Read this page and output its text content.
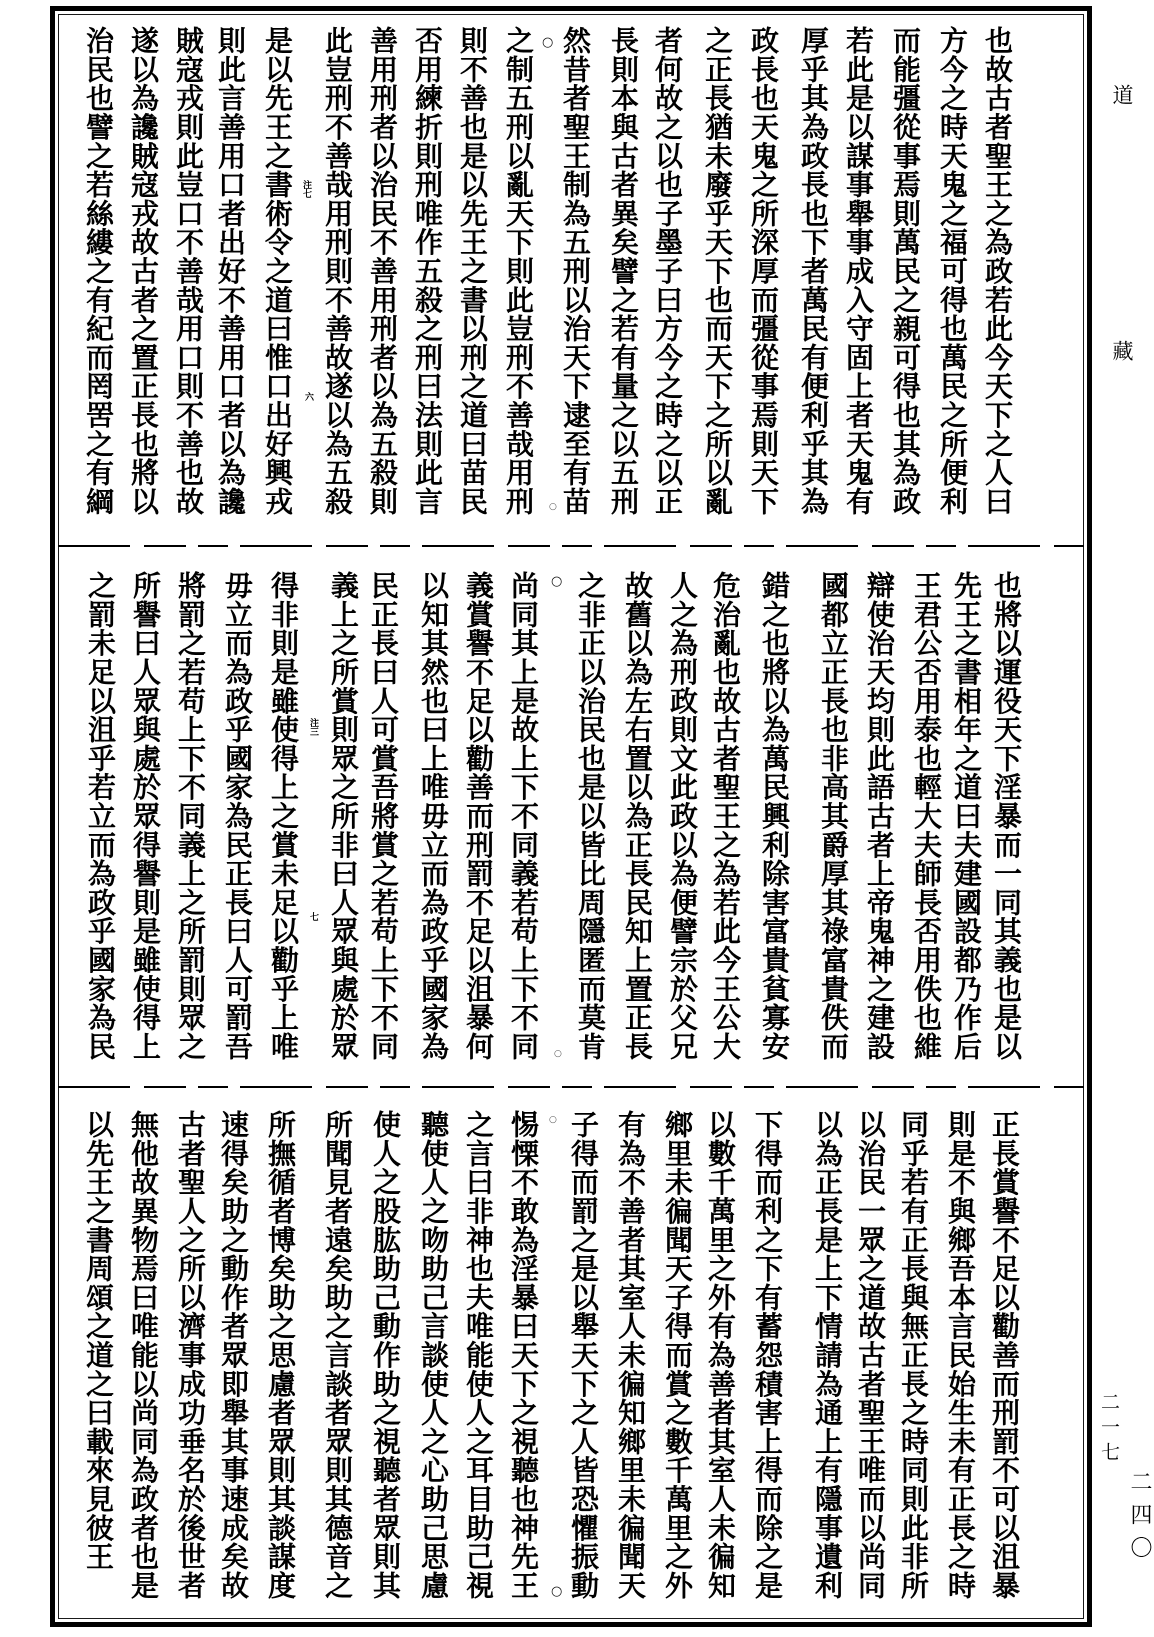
也故古者聖王之為政若此今天下之人曰
方今之時天鬼之福可得也萬民之所便利
而能彊從事焉則萬民之親可得也其為政
若此是以謀事舉事成入守固上者天鬼有
厚乎其為政長也下者萬民有便利乎其為
政長也天鬼之所深厚而彊從事焉則天下
之正長猶未廢乎天下也而天下之所以亂
者何故之以也子墨子曰方今之時之以正
長則本與古者異矣譬之若有量之以五刑
然昔者聖王制為五刑以治天下逮至有苗
之制五刑以亂天下則此豈刑不善哉用刑
則不善也是以先王之書以刑之道曰苗民
否用練折則刑唯作五殺之刑曰法則此言
善用刑者以治民不善用刑者以為五殺則
此豈刑不善哉用刑則不善故遂以為五殺
是以先王之書術令之道曰惟口出好興戎
則此言善用口者出好不善用口者以為讒
賊寇戎則此豈口不善哉用口則不善也故
遂以為讒賊寇戎故古者之置正長也將以
治民也譬之若絲縷之有紀而罔罟之有綱
也將以運役天下淫暴而一同其義也是以
先王之書相年之道曰夫建國設都乃作后
王君公否用泰也輕大夫師長否用佚也維
辯使治天均則此語古者上帝鬼神之建設
國都立正長也非高其爵厚其祿富貴佚而
錯之也將以為萬民興利除害富貴貧寡安
危治亂也故古者聖王之為若此今王公大
人之為刑政則文此政以為便譬宗於父兄
故舊以為左右置以為正長民知上置正長
之非正以治民也是以皆比周隱匿而莫肯
尚同其上是故上下不同義若苟上下不同
義賞譽不足以勸善而刑罰不足以沮暴何
以知其然也曰上唯毋立而為政乎國家為
民正長曰人可賞吾將賞之若苟上下不同
義上之所賞則眾之所非曰人眾與處於眾
得非則是雖使得上之賞未足以勸乎上唯
毋立而為政乎國家為民正長曰人可罰吾
將罰之若苟上下不同義上之所罰則眾之
所譽曰人眾與處於眾得譽則是雖使得上
之罰未足以沮乎若立而為政乎國家為民
正長賞譽不足以勸善而刑罰不可以沮暴
則是不與鄉吾本言民始生未有正長之時
同乎若有正長與無正長之時同則此非所
以治民一眾之道故古者聖王唯而以尚同
以為正長是上下情請為通上有隱事遺利
下得而利之下有蓄怨積害上得而除之是
以數千萬里之外有為善者其室人未徧知
鄉里未徧聞天子得而賞之數千萬里之外
有為不善者其室人未徧知鄉里未徧聞天
子得而罰之是以舉天下之人皆恐懼振動
惕慄不敢為淫暴曰天下之視聽也神先王
之言曰非神也夫唯能使人之耳目助己視
聽使人之吻助己言談使人之心助己思慮
使人之股肱助己動作助之視聽者眾則其
所聞見者遠矣助之言談者眾則其德音之
所撫循者博矣助之思慮者眾則其談謀度
速得矣助之動作者眾即舉其事速成矣故
古者聖人之所以濟事成功垂名於後世者
無他故異物焉曰唯能以尚同為政者也是
以先王之書周頌之道之曰載來見彼王
○
○
注七
六
○
注三
七
○
○
○
道
藏
二一七
二四〇
